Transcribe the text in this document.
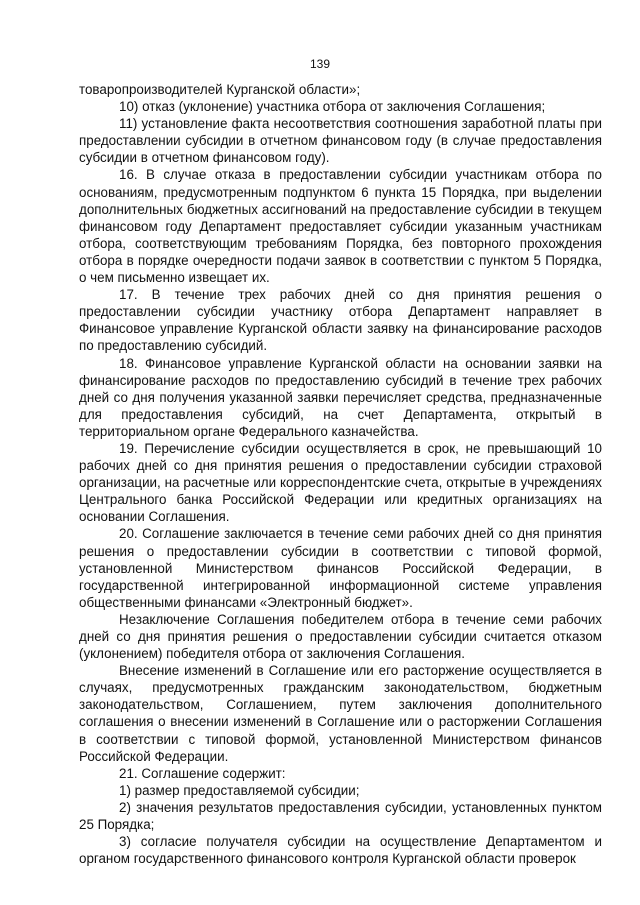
139

товаропроизводителей Курганской области»;

10) отказ (уклонение) участника отбора от заключения Соглашения;

11) установление факта несоответствия соотношения заработной платы при предоставлении субсидии в отчетном финансовом году (в случае предоставления субсидии в отчетном финансовом году).

16. В случае отказа в предоставлении субсидии участникам отбора по основаниям, предусмотренным подпунктом 6 пункта 15 Порядка, при выделении дополнительных бюджетных ассигнований на предоставление субсидии в текущем финансовом году Департамент предоставляет субсидии указанным участникам отбора, соответствующим требованиям Порядка, без повторного прохождения отбора в порядке очередности подачи заявок в соответствии с пунктом 5 Порядка, о чем письменно извещает их.

17. В течение трех рабочих дней со дня принятия решения о предоставлении субсидии участнику отбора Департамент направляет в Финансовое управление Курганской области заявку на финансирование расходов по предоставлению субсидий.

18. Финансовое управление Курганской области на основании заявки на финансирование расходов по предоставлению субсидий в течение трех рабочих дней со дня получения указанной заявки перечисляет средства, предназначенные для предоставления субсидий, на счет Департамента, открытый в территориальном органе Федерального казначейства.

19. Перечисление субсидии осуществляется в срок, не превышающий 10 рабочих дней со дня принятия решения о предоставлении субсидии страховой организации, на расчетные или корреспондентские счета, открытые в учреждениях Центрального банка Российской Федерации или кредитных организациях на основании Соглашения.

20. Соглашение заключается в течение семи рабочих дней со дня принятия решения о предоставлении субсидии в соответствии с типовой формой, установленной Министерством финансов Российской Федерации, в государственной интегрированной информационной системе управления общественными финансами «Электронный бюджет».

Незаключение Соглашения победителем отбора в течение семи рабочих дней со дня принятия решения о предоставлении субсидии считается отказом (уклонением) победителя отбора от заключения Соглашения.

Внесение изменений в Соглашение или его расторжение осуществляется в случаях, предусмотренных гражданским законодательством, бюджетным законодательством, Соглашением, путем заключения дополнительного соглашения о внесении изменений в Соглашение или о расторжении Соглашения в соответствии с типовой формой, установленной Министерством финансов Российской Федерации.

21. Соглашение содержит:

1) размер предоставляемой субсидии;

2) значения результатов предоставления субсидии, установленных пунктом 25 Порядка;

3) согласие получателя субсидии на осуществление Департаментом и органом государственного финансового контроля Курганской области проверок
